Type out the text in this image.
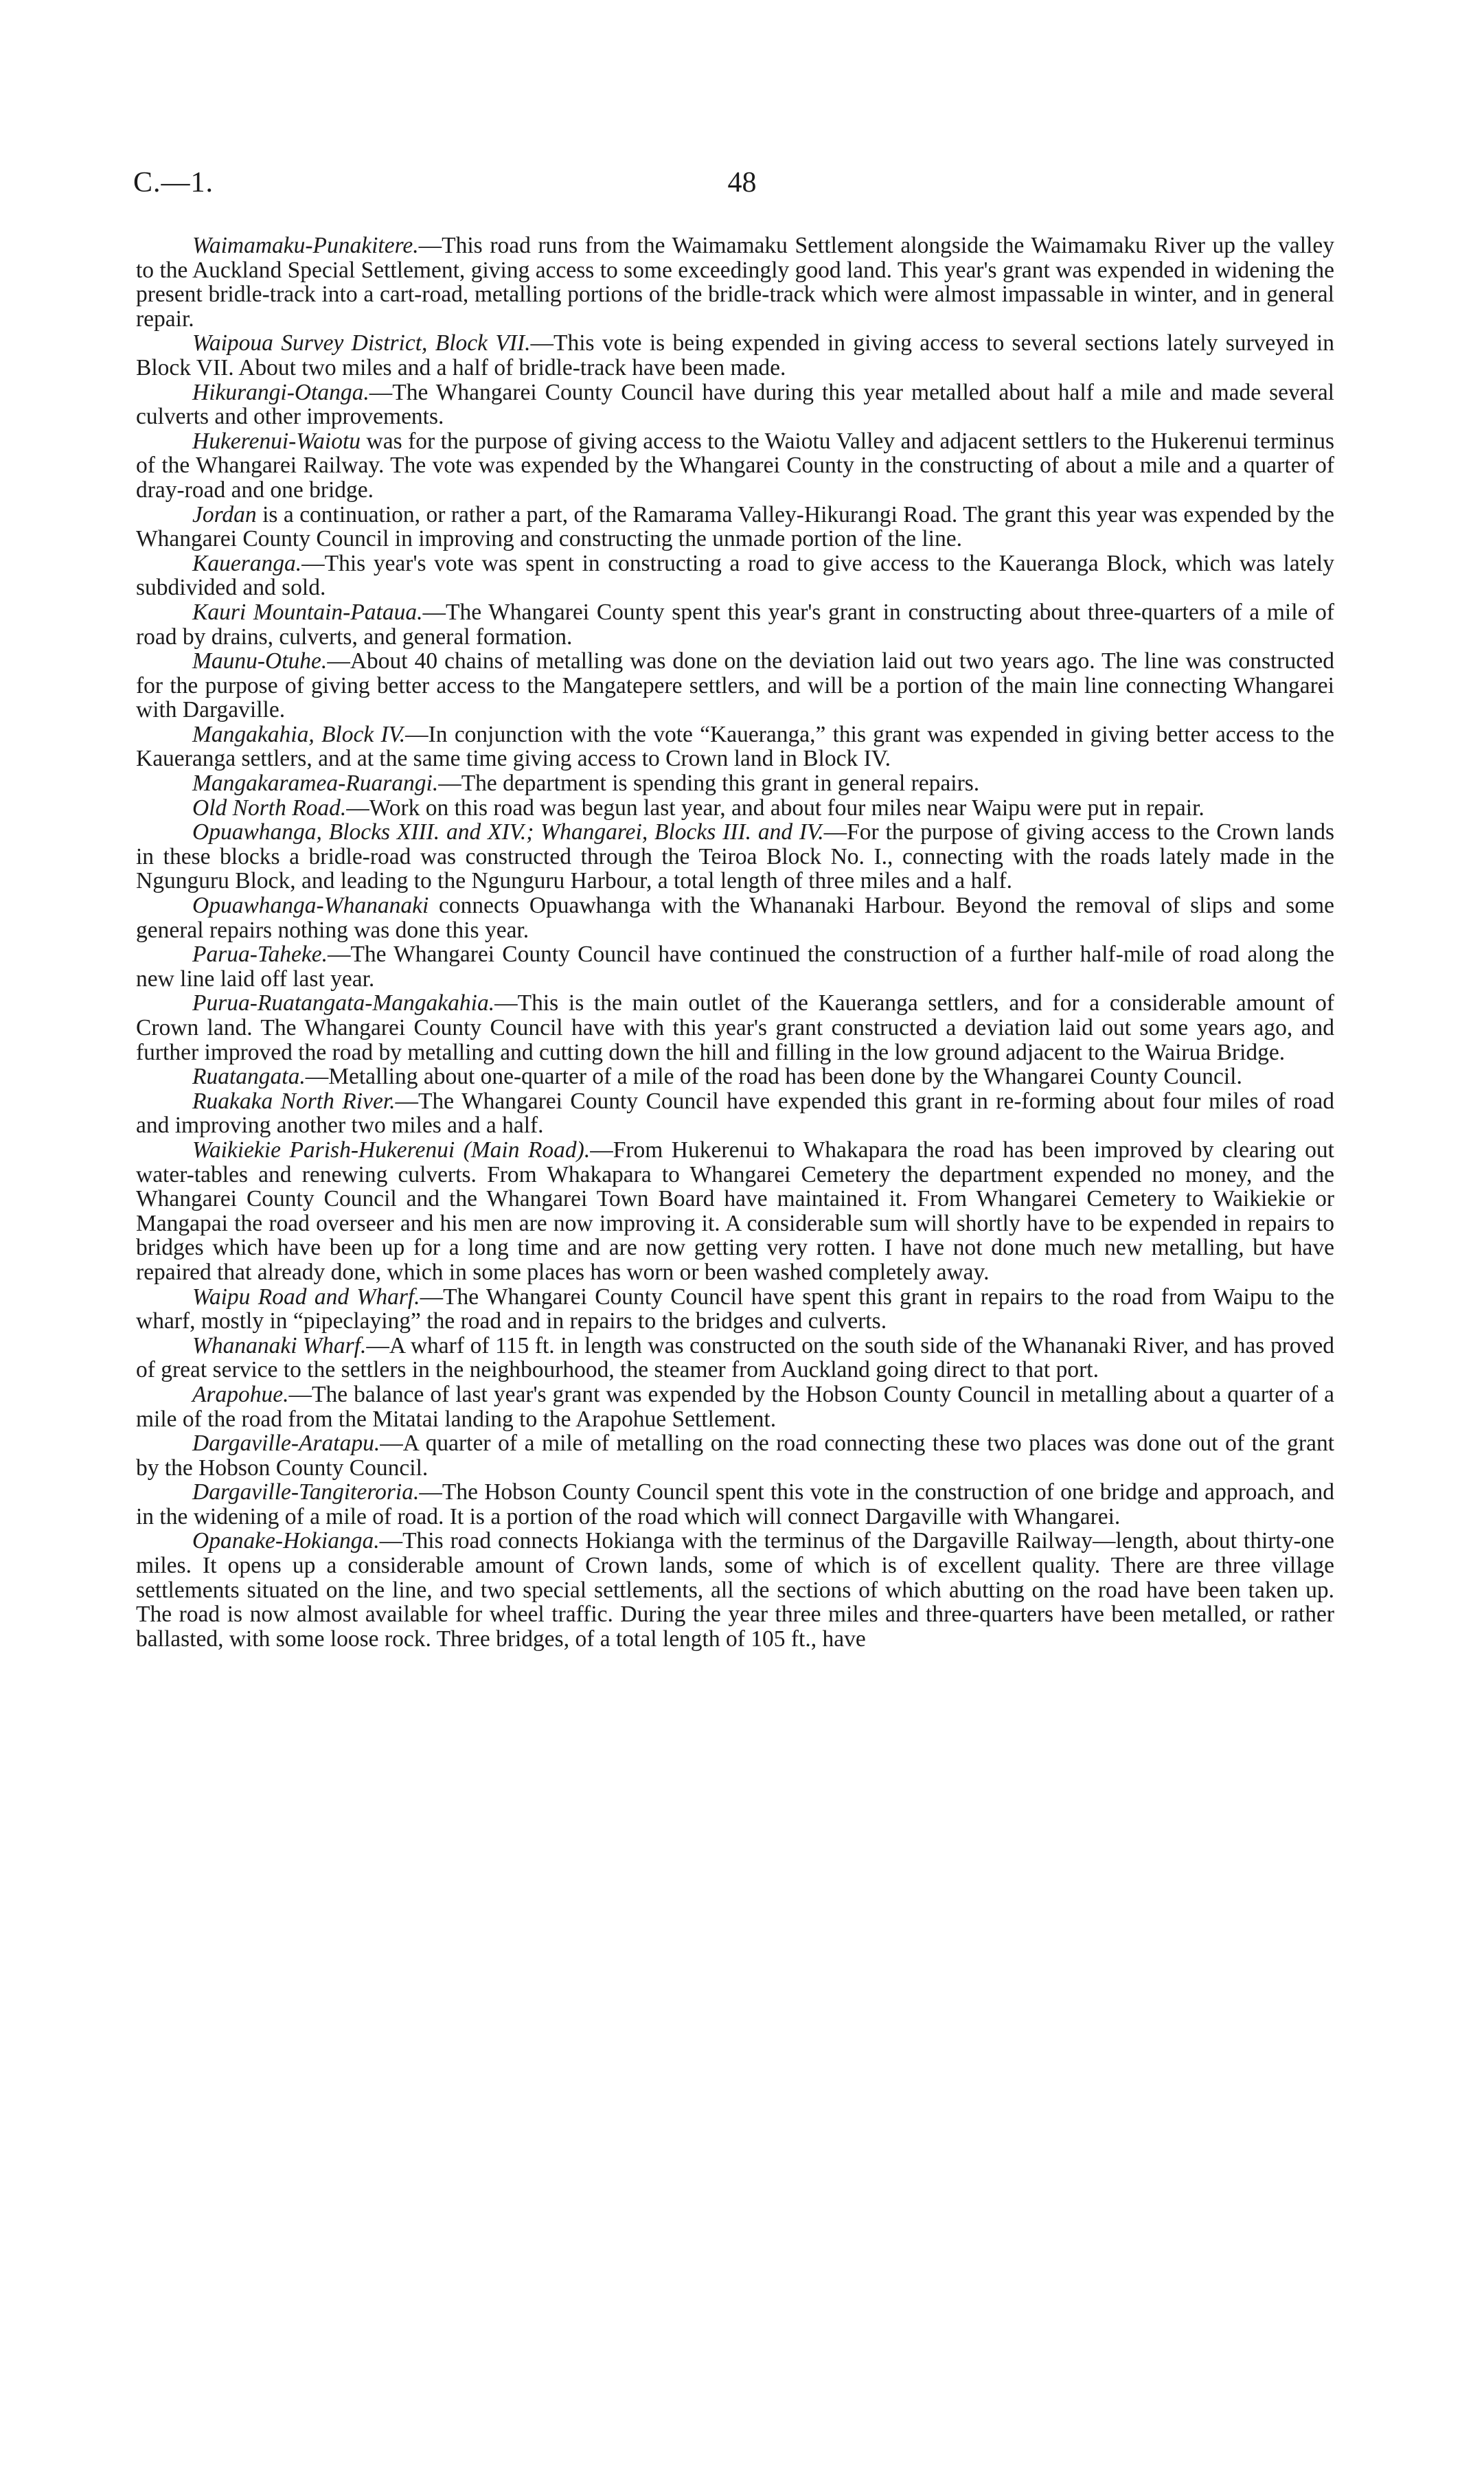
C.—1.	48

Waimamaku-Punakitere.—This road runs from the Waimamaku Settlement alongside the Waimamaku River up the valley to the Auckland Special Settlement, giving access to some exceedingly good land. This year's grant was expended in widening the present bridle-track into a cart-road, metalling portions of the bridle-track which were almost impassable in winter, and in general repair.

Waipoua Survey District, Block VII.—This vote is being expended in giving access to several sections lately surveyed in Block VII. About two miles and a half of bridle-track have been made.

Hikurangi-Otanga.—The Whangarei County Council have during this year metalled about half a mile and made several culverts and other improvements.

Hukerenui-Waiotu was for the purpose of giving access to the Waiotu Valley and adjacent settlers to the Hukerenui terminus of the Whangarei Railway. The vote was expended by the Whangarei County in the constructing of about a mile and a quarter of dray-road and one bridge.

Jordan is a continuation, or rather a part, of the Ramarama Valley-Hikurangi Road. The grant this year was expended by the Whangarei County Council in improving and constructing the unmade portion of the line.

Kaueranga.—This year's vote was spent in constructing a road to give access to the Kaueranga Block, which was lately subdivided and sold.

Kauri Mountain-Pataua.—The Whangarei County spent this year's grant in constructing about three-quarters of a mile of road by drains, culverts, and general formation.

Maunu-Otuhe.—About 40 chains of metalling was done on the deviation laid out two years ago. The line was constructed for the purpose of giving better access to the Mangatepere settlers, and will be a portion of the main line connecting Whangarei with Dargaville.

Mangakahia, Block IV.—In conjunction with the vote “Kaueranga,” this grant was expended in giving better access to the Kaueranga settlers, and at the same time giving access to Crown land in Block IV.

Mangakaramea-Ruarangi.—The department is spending this grant in general repairs.

Old North Road.—Work on this road was begun last year, and about four miles near Waipu were put in repair.

Opuawhanga, Blocks XIII. and XIV.; Whangarei, Blocks III. and IV.—For the purpose of giving access to the Crown lands in these blocks a bridle-road was constructed through the Teiroa Block No. I., connecting with the roads lately made in the Ngunguru Block, and leading to the Ngunguru Harbour, a total length of three miles and a half.

Opuawhanga-Whananaki connects Opuawhanga with the Whananaki Harbour. Beyond the removal of slips and some general repairs nothing was done this year.

Parua-Taheke.—The Whangarei County Council have continued the construction of a further half-mile of road along the new line laid off last year.

Purua-Ruatangata-Mangakahia.—This is the main outlet of the Kaueranga settlers, and for a considerable amount of Crown land. The Whangarei County Council have with this year's grant constructed a deviation laid out some years ago, and further improved the road by metalling and cutting down the hill and filling in the low ground adjacent to the Wairua Bridge.

Ruatangata.—Metalling about one-quarter of a mile of the road has been done by the Whangarei County Council.

Ruakaka North River.—The Whangarei County Council have expended this grant in re-forming about four miles of road and improving another two miles and a half.

Waikiekie Parish-Hukerenui (Main Road).—From Hukerenui to Whakapara the road has been improved by clearing out water-tables and renewing culverts. From Whakapara to Whangarei Cemetery the department expended no money, and the Whangarei County Council and the Whangarei Town Board have maintained it. From Whangarei Cemetery to Waikiekie or Mangapai the road overseer and his men are now improving it. A considerable sum will shortly have to be expended in repairs to bridges which have been up for a long time and are now getting very rotten. I have not done much new metalling, but have repaired that already done, which in some places has worn or been washed completely away.

Waipu Road and Wharf.—The Whangarei County Council have spent this grant in repairs to the road from Waipu to the wharf, mostly in “pipeclaying” the road and in repairs to the bridges and culverts.

Whananaki Wharf.—A wharf of 115 ft. in length was constructed on the south side of the Whananaki River, and has proved of great service to the settlers in the neighbourhood, the steamer from Auckland going direct to that port.

Arapohue.—The balance of last year's grant was expended by the Hobson County Council in metalling about a quarter of a mile of the road from the Mitatai landing to the Arapohue Settlement.

Dargaville-Aratapu.—A quarter of a mile of metalling on the road connecting these two places was done out of the grant by the Hobson County Council.

Dargaville-Tangiteroria.—The Hobson County Council spent this vote in the construction of one bridge and approach, and in the widening of a mile of road. It is a portion of the road which will connect Dargaville with Whangarei.

Opanake-Hokianga.—This road connects Hokianga with the terminus of the Dargaville Railway—length, about thirty-one miles. It opens up a considerable amount of Crown lands, some of which is of excellent quality. There are three village settlements situated on the line, and two special settlements, all the sections of which abutting on the road have been taken up. The road is now almost available for wheel traffic. During the year three miles and three-quarters have been metalled, or rather ballasted, with some loose rock. Three bridges, of a total length of 105 ft., have
